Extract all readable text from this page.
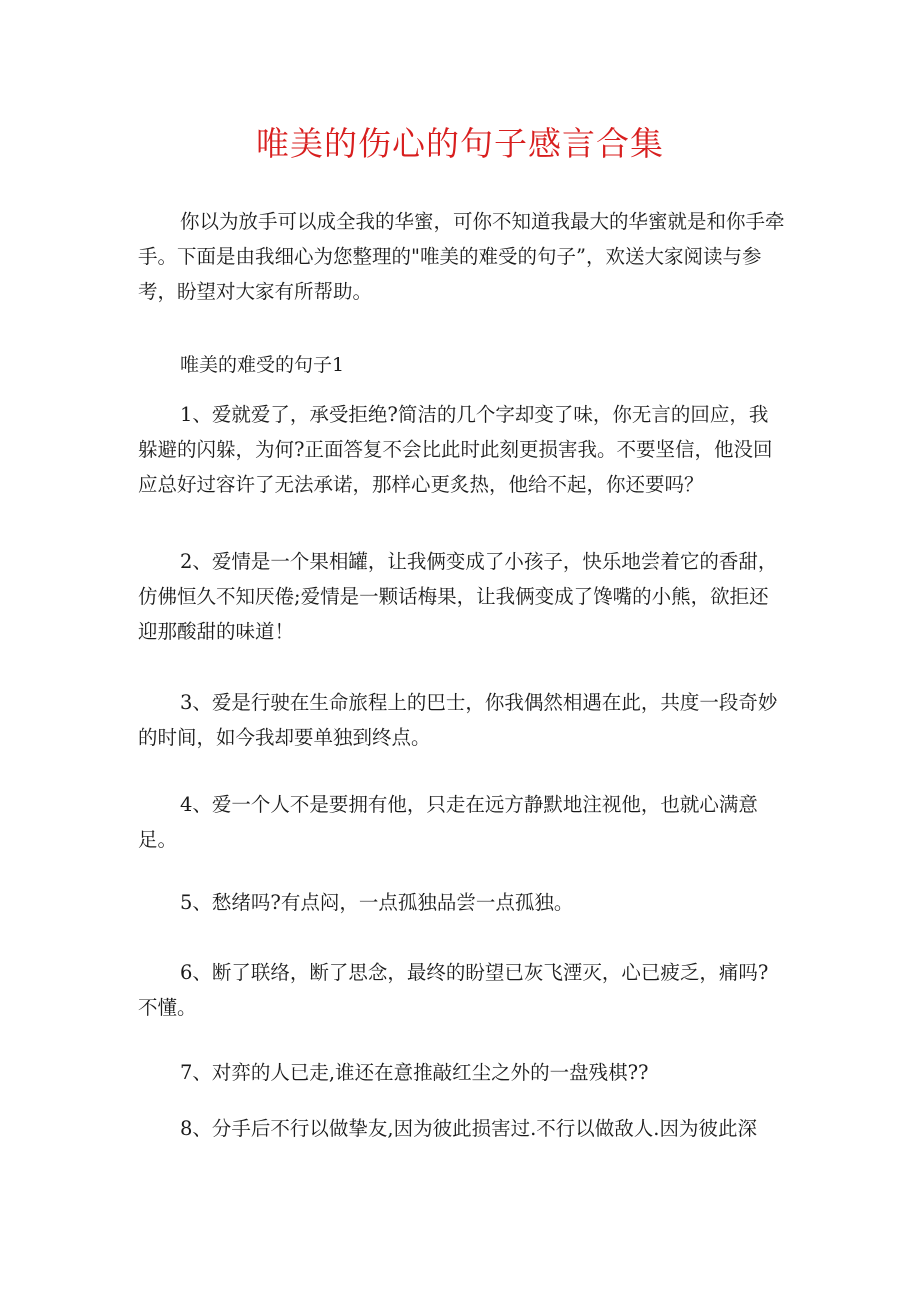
唯美的伤心的句子感言合集

你以为放手可以成全我的华蜜，可你不知道我最大的华蜜就是和你手牵手。下面是由我细心为您整理的"唯美的难受的句子”，欢送大家阅读与参考，盼望对大家有所帮助。

唯美的难受的句子1

1、爱就爱了，承受拒绝?简洁的几个字却变了味，你无言的回应，我躲避的闪躲，为何?正面答复不会比此时此刻更损害我。不要坚信，他没回应总好过容许了无法承诺，那样心更炙热，他给不起，你还要吗？

2、爱情是一个果相罐，让我俩变成了小孩子，快乐地尝着它的香甜，仿佛恒久不知厌倦;爱情是一颗话梅果，让我俩变成了馋嘴的小熊，欲拒还迎那酸甜的味道！

3、爱是行驶在生命旅程上的巴士，你我偶然相遇在此，共度一段奇妙的时间，如今我却要单独到终点。

4、爱一个人不是要拥有他，只走在远方静默地注视他，也就心满意足。

5、愁绪吗?有点闷，一点孤独品尝一点孤独。

6、断了联络，断了思念，最终的盼望已灰飞湮灭，心已疲乏，痛吗?不懂。

7、对弈的人已走,谁还在意推敲红尘之外的一盘残棋??

8、分手后不行以做挚友,因为彼此损害过.不行以做敌人.因为彼此深
